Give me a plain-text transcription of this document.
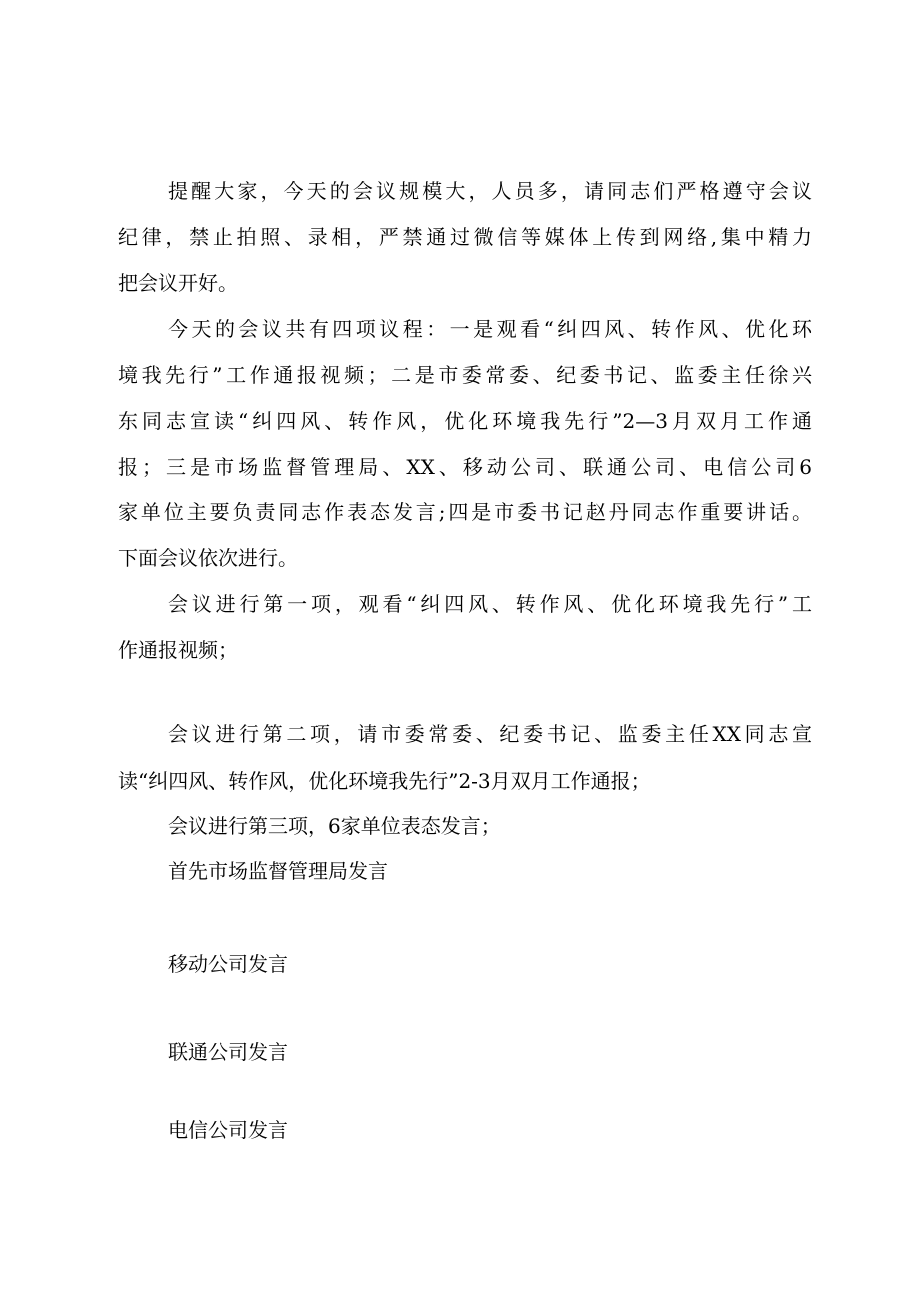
提醒大家，今天的会议规模大，人员多，请同志们严格遵守会议
纪律，禁止拍照、录相，严禁通过微信等媒体上传到网络,集中精力
把会议开好。
今天的会议共有四项议程：一是观看“纠四风、转作风、优化环
境我先行”工作通报视频；二是市委常委、纪委书记、监委主任徐兴
东同志宣读“纠四风、转作风，优化环境我先行”2—3月双月工作通
报；三是市场监督管理局、XX、移动公司、联通公司、电信公司6
家单位主要负责同志作表态发言;四是市委书记赵丹同志作重要讲话。
下面会议依次进行。
会议进行第一项，观看“纠四风、转作风、优化环境我先行”工
作通报视频；
会议进行第二项，请市委常委、纪委书记、监委主任XX同志宣
读“纠四风、转作风，优化环境我先行”2-3月双月工作通报；
会议进行第三项，6家单位表态发言；
首先市场监督管理局发言
移动公司发言
联通公司发言
电信公司发言
